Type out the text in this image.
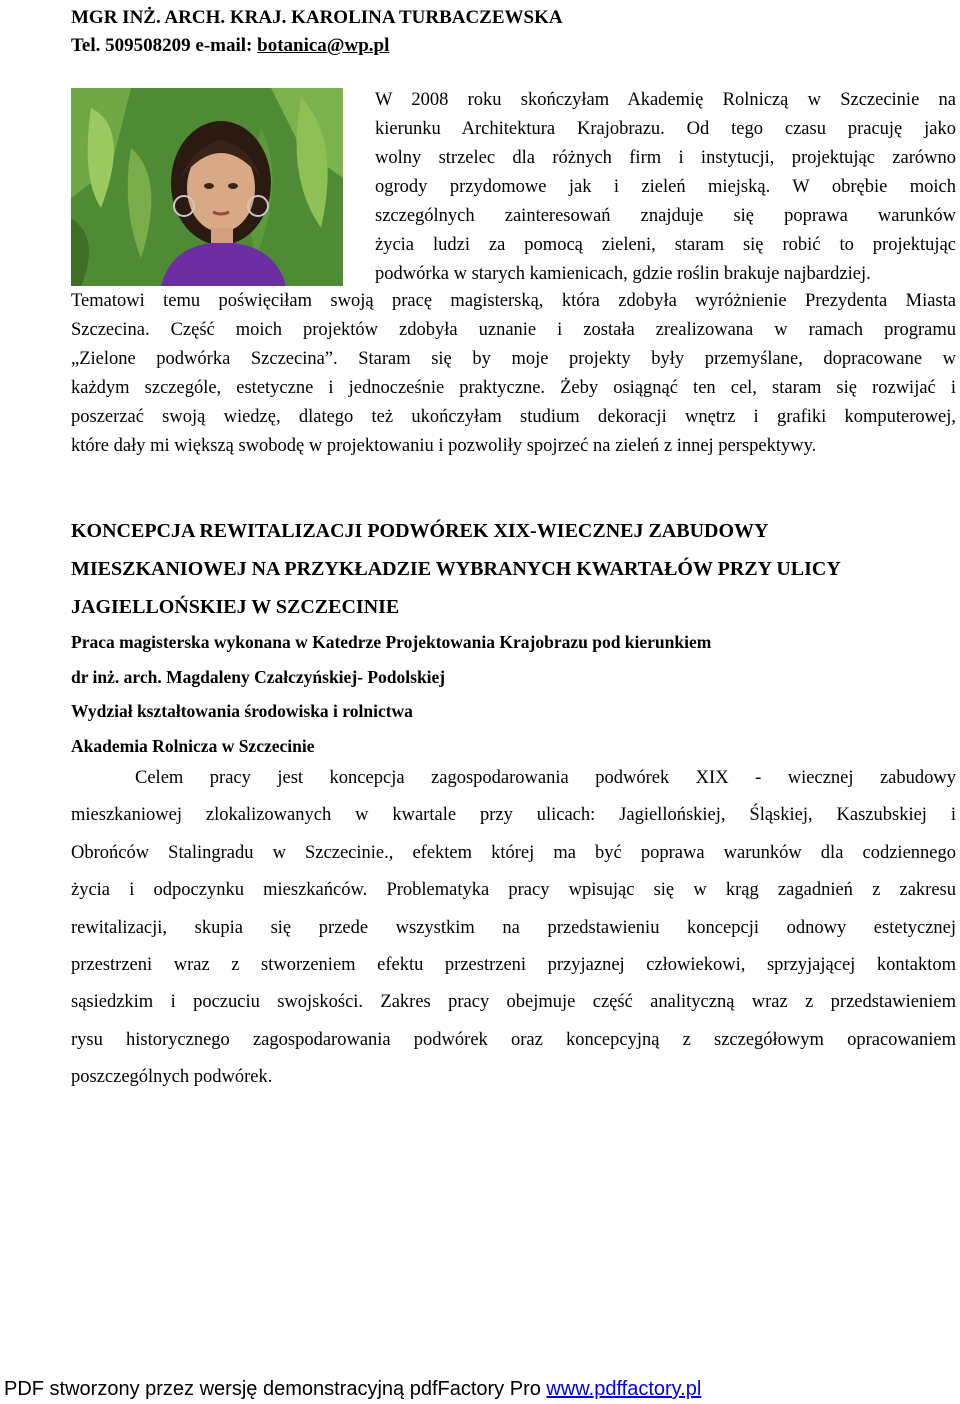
MGR INŻ. ARCH. KRAJ. KAROLINA TURBACZEWSKA
Tel. 509508209 e-mail: botanica@wp.pl
W 2008 roku skończyłam Akademię Rolniczą w Szczecinie na
kierunku Architektura Krajobrazu. Od tego czasu pracuję jako
wolny strzelec dla różnych firm i instytucji, projektując zarówno
ogrody przydomowe jak i zieleń miejską. W obrębie moich
szczególnych zainteresowań znajduje się poprawa warunków
życia ludzi za pomocą zieleni, staram się robić to projektując
podwórka w starych kamienicach, gdzie roślin brakuje najbardziej.
Tematowi temu poświęciłam swoją pracę magisterską, która zdobyła wyróżnienie Prezydenta Miasta
Szczecina. Część moich projektów zdobyła uznanie i została zrealizowana w ramach programu
„Zielone podwórka Szczecina”. Staram się by moje projekty były przemyślane, dopracowane w
każdym szczególe, estetyczne i jednocześnie praktyczne. Żeby osiągnąć ten cel, staram się rozwijać i
poszerzać swoją wiedzę, dlatego też ukończyłam studium dekoracji wnętrz i grafiki komputerowej,
które dały mi większą swobodę w projektowaniu i pozwoliły spojrzeć na zieleń z innej perspektywy.
KONCEPCJA REWITALIZACJI PODWÓREK XIX-WIECZNEJ ZABUDOWY
MIESZKANIOWEJ NA PRZYKŁADZIE WYBRANYCH KWARTAŁÓW PRZY ULICY
JAGIELLOŃSKIEJ W SZCZECINIE
Praca magisterska wykonana w Katedrze Projektowania Krajobrazu pod kierunkiem
dr inż. arch. Magdaleny Czałczyńskiej- Podolskiej
Wydział kształtowania środowiska i rolnictwa
Akademia Rolnicza w Szczecinie
Celem pracy jest koncepcja zagospodarowania podwórek XIX - wiecznej zabudowy
mieszkaniowej zlokalizowanych w kwartale przy ulicach: Jagiellońskiej, Śląskiej, Kaszubskiej i
Obrońców Stalingradu w Szczecinie., efektem której ma być poprawa warunków dla codziennego
życia i odpoczynku mieszkańców. Problematyka pracy wpisując się w krąg zagadnień z zakresu
rewitalizacji, skupia się przede wszystkim na przedstawieniu koncepcji odnowy estetycznej
przestrzeni wraz z stworzeniem efektu przestrzeni przyjaznej człowiekowi, sprzyjającej kontaktom
sąsiedzkim i poczuciu swojskości. Zakres pracy obejmuje część analityczną wraz z przedstawieniem
rysu historycznego zagospodarowania podwórek oraz koncepcyjną z szczegółowym opracowaniem
poszczególnych podwórek.
PDF stworzony przez wersję demonstracyjną pdfFactory Pro www.pdffactory.pl
